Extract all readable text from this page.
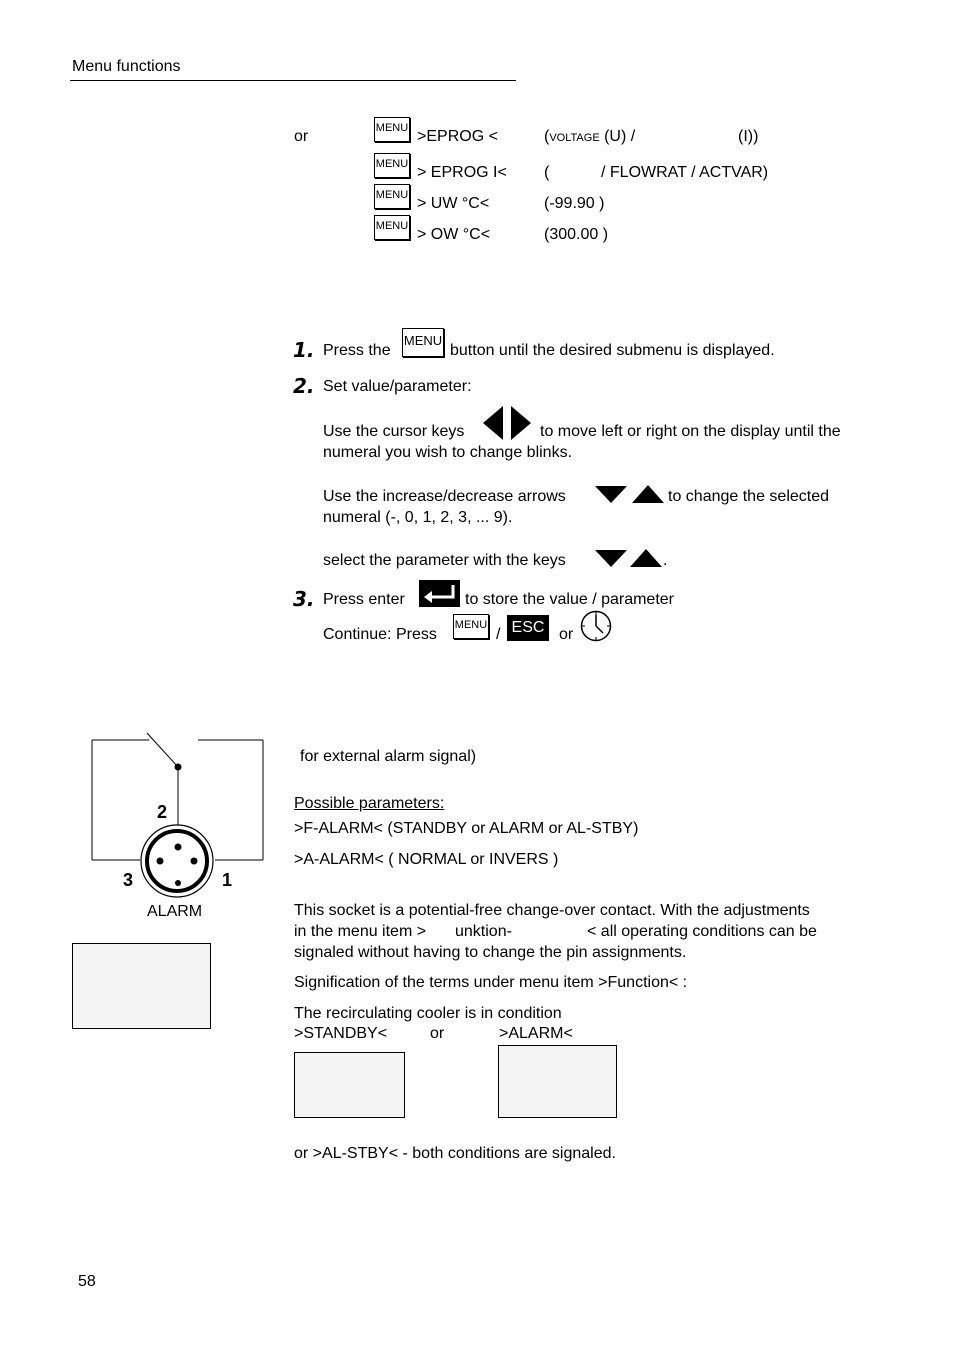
Menu functions
or	MENU >EPROG <	(VOLTAGE (U) /	(I))
MENU > EPROG I< (	/ FLOWRAT / ACTVAR)
MENU > UW °C<	(-99.90 )
MENU > OW °C<	(300.00 )
1. Press the
MENU
button until the desired submenu is displayed.
2. Set value/parameter:
Use the cursor keys	to move left or right on the display until the
numeral you wish to change blinks.
Use the increase/decrease arrows	to change the selected
numeral (-, 0, 1, 2, 3, ... 9).
select the parameter with the keys	.
3. Press enter	to store the value / parameter
Continue: Press
MENU
/ ESC or
2
3	1
ALARM
for external alarm signal)
Possible parameters:
>F-ALARM< (STANDBY or ALARM or AL-STBY)
>A-ALARM< ( NORMAL or INVERS )
This socket is a potential-free change-over contact. With the adjustments
in the menu item > unktion-	< all operating conditions can be
signaled without having to change the pin assignments.
Signification of the terms under menu item >Function< :
The recirculating cooler is in condition
>STANDBY<	or	>ALARM<
or >AL-STBY< - both conditions are signaled.
58
